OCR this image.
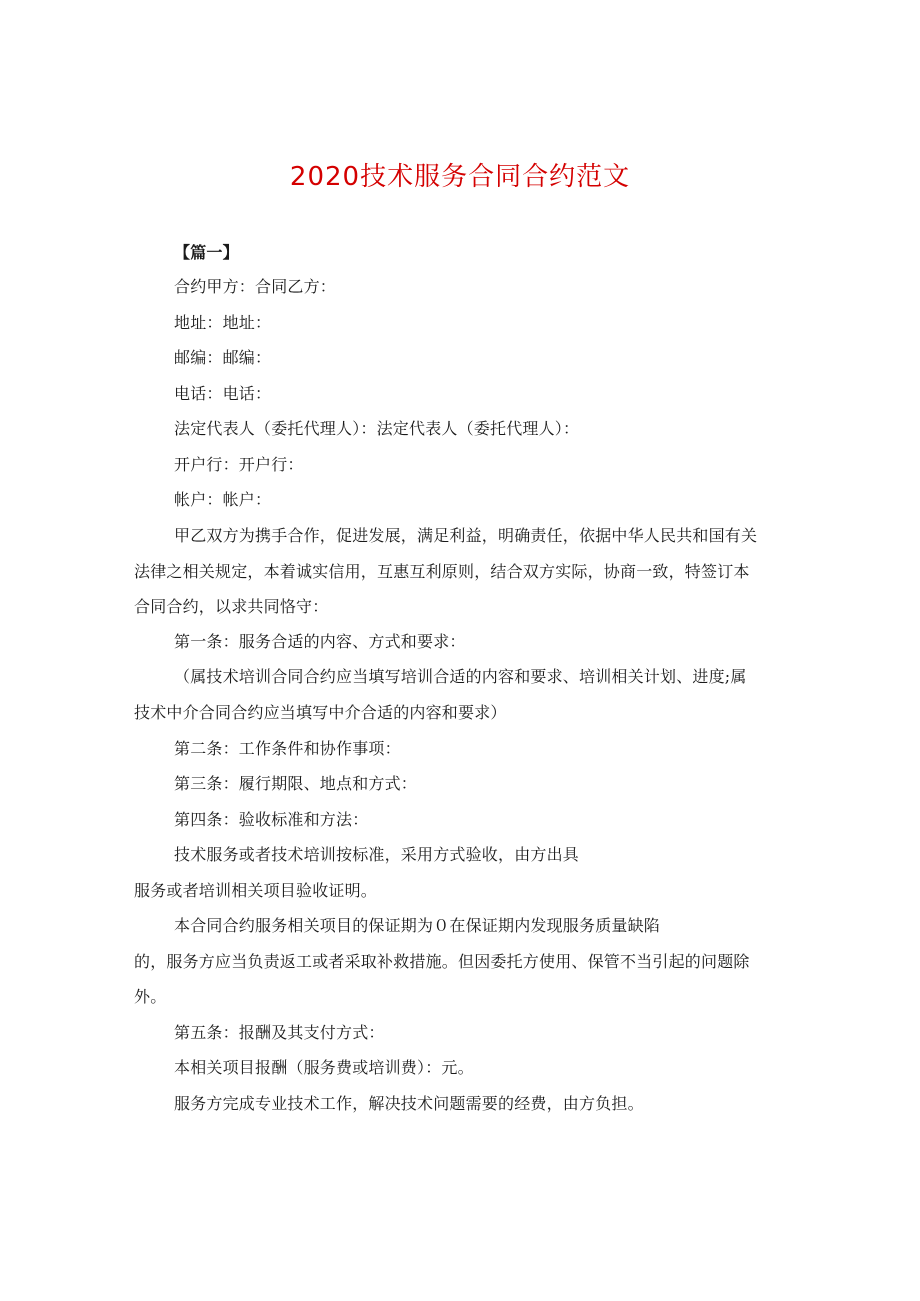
2020技术服务合同合约范文
【篇一】
合约甲方：合同乙方：
地址：地址：
邮编：邮编：
电话：电话：
法定代表人（委托代理人）：法定代表人（委托代理人）：
开户行：开户行：
帐户：帐户：
甲乙双方为携手合作，促进发展，满足利益，明确责任，依据中华人民共和国有关
法律之相关规定，本着诚实信用，互惠互利原则，结合双方实际，协商一致，特签订本
合同合约，以求共同恪守：
第一条：服务合适的内容、方式和要求：
（属技术培训合同合约应当填写培训合适的内容和要求、培训相关计划、进度;属
技术中介合同合约应当填写中介合适的内容和要求）
第二条：工作条件和协作事项：
第三条：履行期限、地点和方式：
第四条：验收标准和方法：
技术服务或者技术培训按标准，采用方式验收，由方出具
服务或者培训相关项目验收证明。
本合同合约服务相关项目的保证期为０在保证期内发现服务质量缺陷
的，服务方应当负责返工或者采取补救措施。但因委托方使用、保管不当引起的问题除
外。
第五条：报酬及其支付方式：
本相关项目报酬（服务费或培训费）：元。
服务方完成专业技术工作，解决技术问题需要的经费，由方负担。
